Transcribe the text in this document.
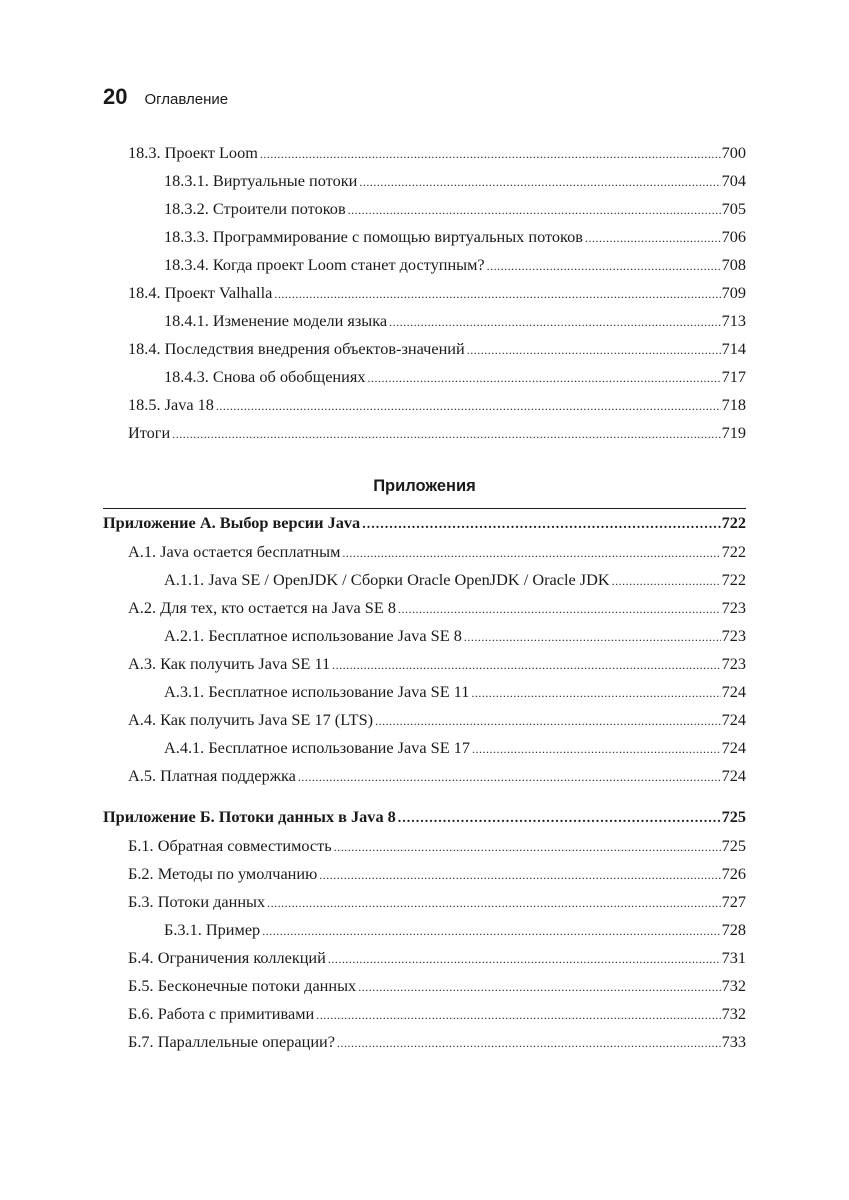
20 Оглавление
18.3. Проект Loom .....	700
18.3.1. Виртуальные потоки .....	704
18.3.2. Строители потоков .....	705
18.3.3. Программирование с помощью виртуальных потоков .....	706
18.3.4. Когда проект Loom станет доступным? .....	708
18.4. Проект Valhalla .....	709
18.4.1. Изменение модели языка .....	713
18.4. Последствия внедрения объектов-значений .....	714
18.4.3. Снова об обобщениях .....	717
18.5. Java 18 .....	718
Итоги .....	719
Приложения
Приложение А. Выбор версии Java .....	722
А.1. Java остается бесплатным .....	722
А.1.1. Java SE / OpenJDK / Сборки Oracle OpenJDK / Oracle JDK .....	722
А.2. Для тех, кто остается на Java SE 8 .....	723
А.2.1. Бесплатное использование Java SE 8 .....	723
А.3. Как получить Java SE 11 .....	723
А.3.1. Бесплатное использование Java SE 11 .....	724
А.4. Как получить Java SE 17 (LTS) .....	724
А.4.1. Бесплатное использование Java SE 17 .....	724
А.5. Платная поддержка .....	724
Приложение Б. Потоки данных в Java 8 .....	725
Б.1. Обратная совместимость .....	725
Б.2. Методы по умолчанию .....	726
Б.3. Потоки данных .....	727
Б.3.1. Пример .....	728
Б.4. Ограничения коллекций .....	731
Б.5. Бесконечные потоки данных .....	732
Б.6. Работа с примитивами .....	732
Б.7. Параллельные операции? .....	733
